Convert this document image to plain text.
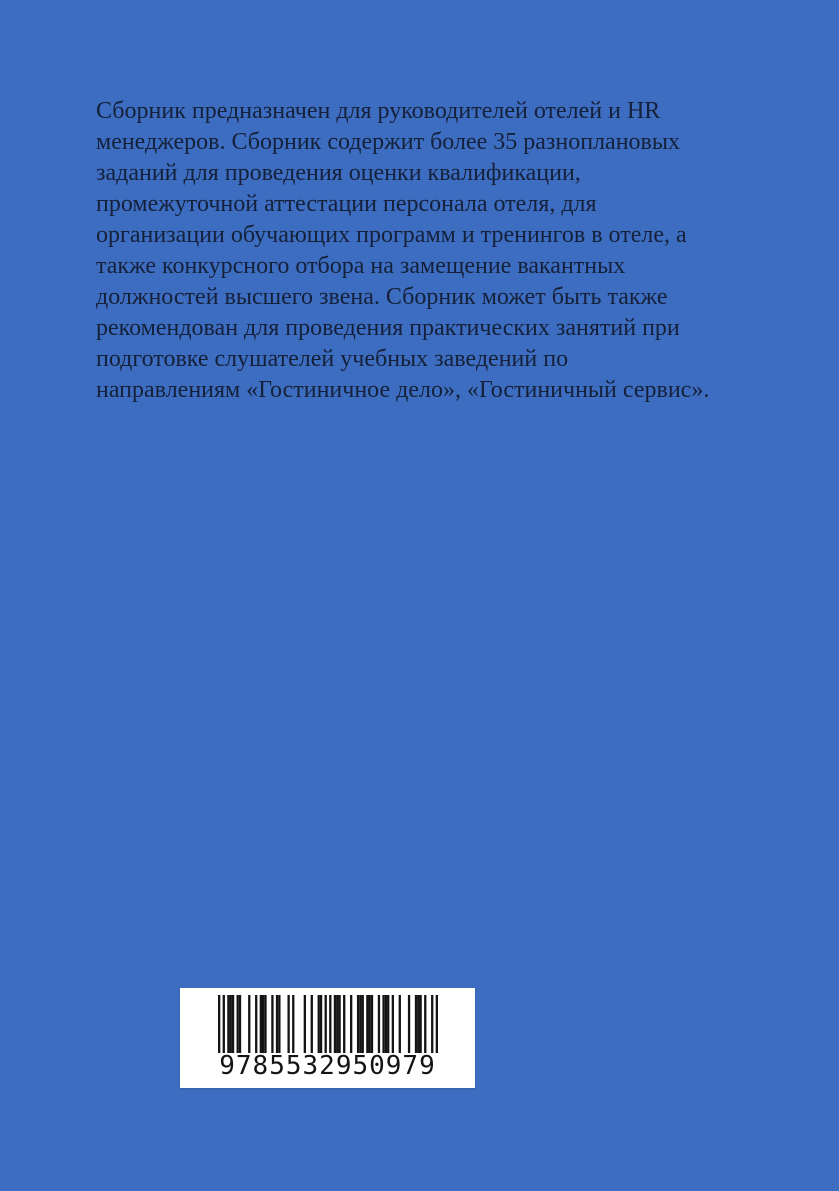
Сборник предназначен для руководителей отелей и HR
менеджеров. Сборник содержит более 35 разноплановых
заданий для проведения оценки квалификации,
промежуточной аттестации персонала отеля, для
организации обучающих программ и тренингов в отеле, а
также конкурсного отбора на замещение вакантных
должностей высшего звена. Сборник может быть также
рекомендован для проведения практических занятий при
подготовке слушателей учебных заведений по
направлениям «Гостиничное дело», «Гостиничный сервис».
9785532950979
